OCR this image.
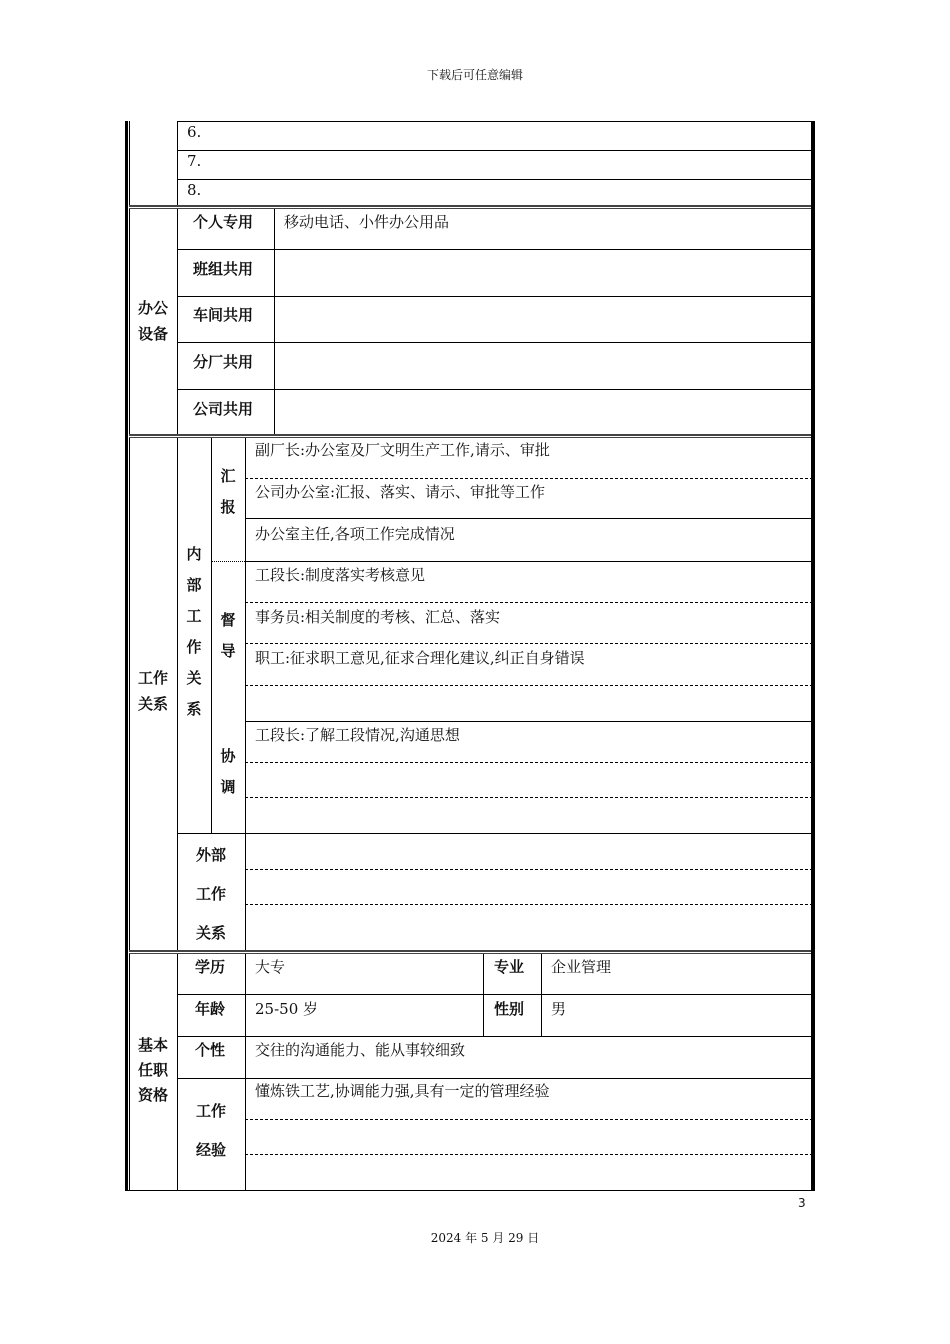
下载后可任意编辑
6.
7.
8.
办公
设备
个人专用 移动电话、小件办公用品
班组共用
车间共用
分厂共用
公司共用
工作
关系
内
部
工
作
关
系
汇
报
督
导
协
调
外部
工作
关系
副厂长:办公室及厂文明生产工作,请示、审批
公司办公室:汇报、落实、请示、审批等工作
办公室主任,各项工作完成情况
工段长:制度落实考核意见
事务员:相关制度的考核、汇总、落实
职工:征求职工意见,征求合理化建议,纠正自身错误
工段长:了解工段情况,沟通思想
基本
任职
资格
学历 大专	专业 企业管理
年龄 25-50 岁	性别 男
个性 交往的沟通能力、能从事较细致
工作
经验
懂炼铁工艺,协调能力强,具有一定的管理经验
3
2024 年 5 月 29 日
